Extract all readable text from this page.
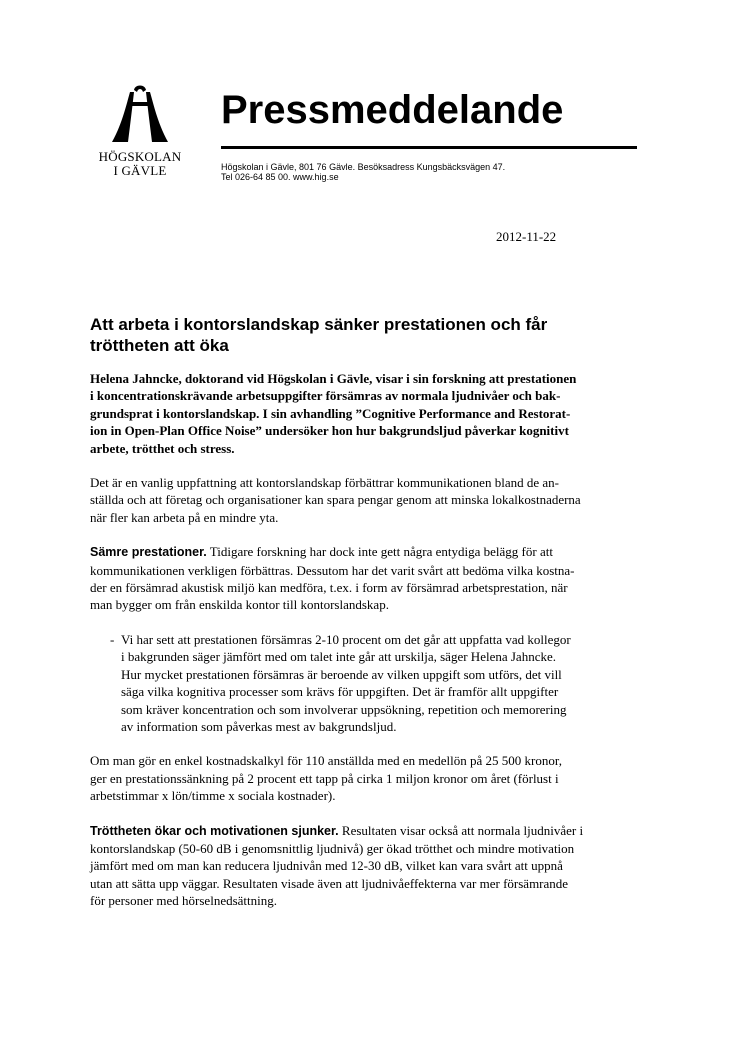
HÖGSKOLAN
I GÄVLE
Pressmeddelande
Högskolan i Gävle, 801 76 Gävle. Besöksadress Kungsbäcksvägen 47.
Tel 026-64 85 00. www.hig.se
2012-11-22
Att arbeta i kontorslandskap sänker prestationen och får
tröttheten att öka

Helena Jahncke, doktorand vid Högskolan i Gävle, visar i sin forskning att prestationen
i koncentrationskrävande arbetsuppgifter försämras av normala ljudnivåer och bak-
grundsprat i kontorslandskap. I sin avhandling ”Cognitive Performance and Restorat-
ion in Open-Plan Office Noise” undersöker hon hur bakgrundsljud påverkar kognitivt
arbete, trötthet och stress.

Det är en vanlig uppfattning att kontorslandskap förbättrar kommunikationen bland de an-
ställda och att företag och organisationer kan spara pengar genom att minska lokalkostnaderna
när fler kan arbeta på en mindre yta.

Sämre prestationer. Tidigare forskning har dock inte gett några entydiga belägg för att
kommunikationen verkligen förbättras. Dessutom har det varit svårt att bedöma vilka kostna-
der en försämrad akustisk miljö kan medföra, t.ex. i form av försämrad arbetsprestation, när
man bygger om från enskilda kontor till kontorslandskap.

- Vi har sett att prestationen försämras 2-10 procent om det går att uppfatta vad kollegor
i bakgrunden säger jämfört med om talet inte går att urskilja, säger Helena Jahncke.
Hur mycket prestationen försämras är beroende av vilken uppgift som utförs, det vill
säga vilka kognitiva processer som krävs för uppgiften. Det är framför allt uppgifter
som kräver koncentration och som involverar uppsökning, repetition och memorering
av information som påverkas mest av bakgrundsljud.

Om man gör en enkel kostnadskalkyl för 110 anställda med en medellön på 25 500 kronor,
ger en prestationssänkning på 2 procent ett tapp på cirka 1 miljon kronor om året (förlust i
arbetstimmar x lön/timme x sociala kostnader).

Tröttheten ökar och motivationen sjunker. Resultaten visar också att normala ljudnivåer i
kontorslandskap (50-60 dB i genomsnittlig ljudnivå) ger ökad trötthet och mindre motivation
jämfört med om man kan reducera ljudnivån med 12-30 dB, vilket kan vara svårt att uppnå
utan att sätta upp väggar. Resultaten visade även att ljudnivåeffekterna var mer försämrande
för personer med hörselnedsättning.
